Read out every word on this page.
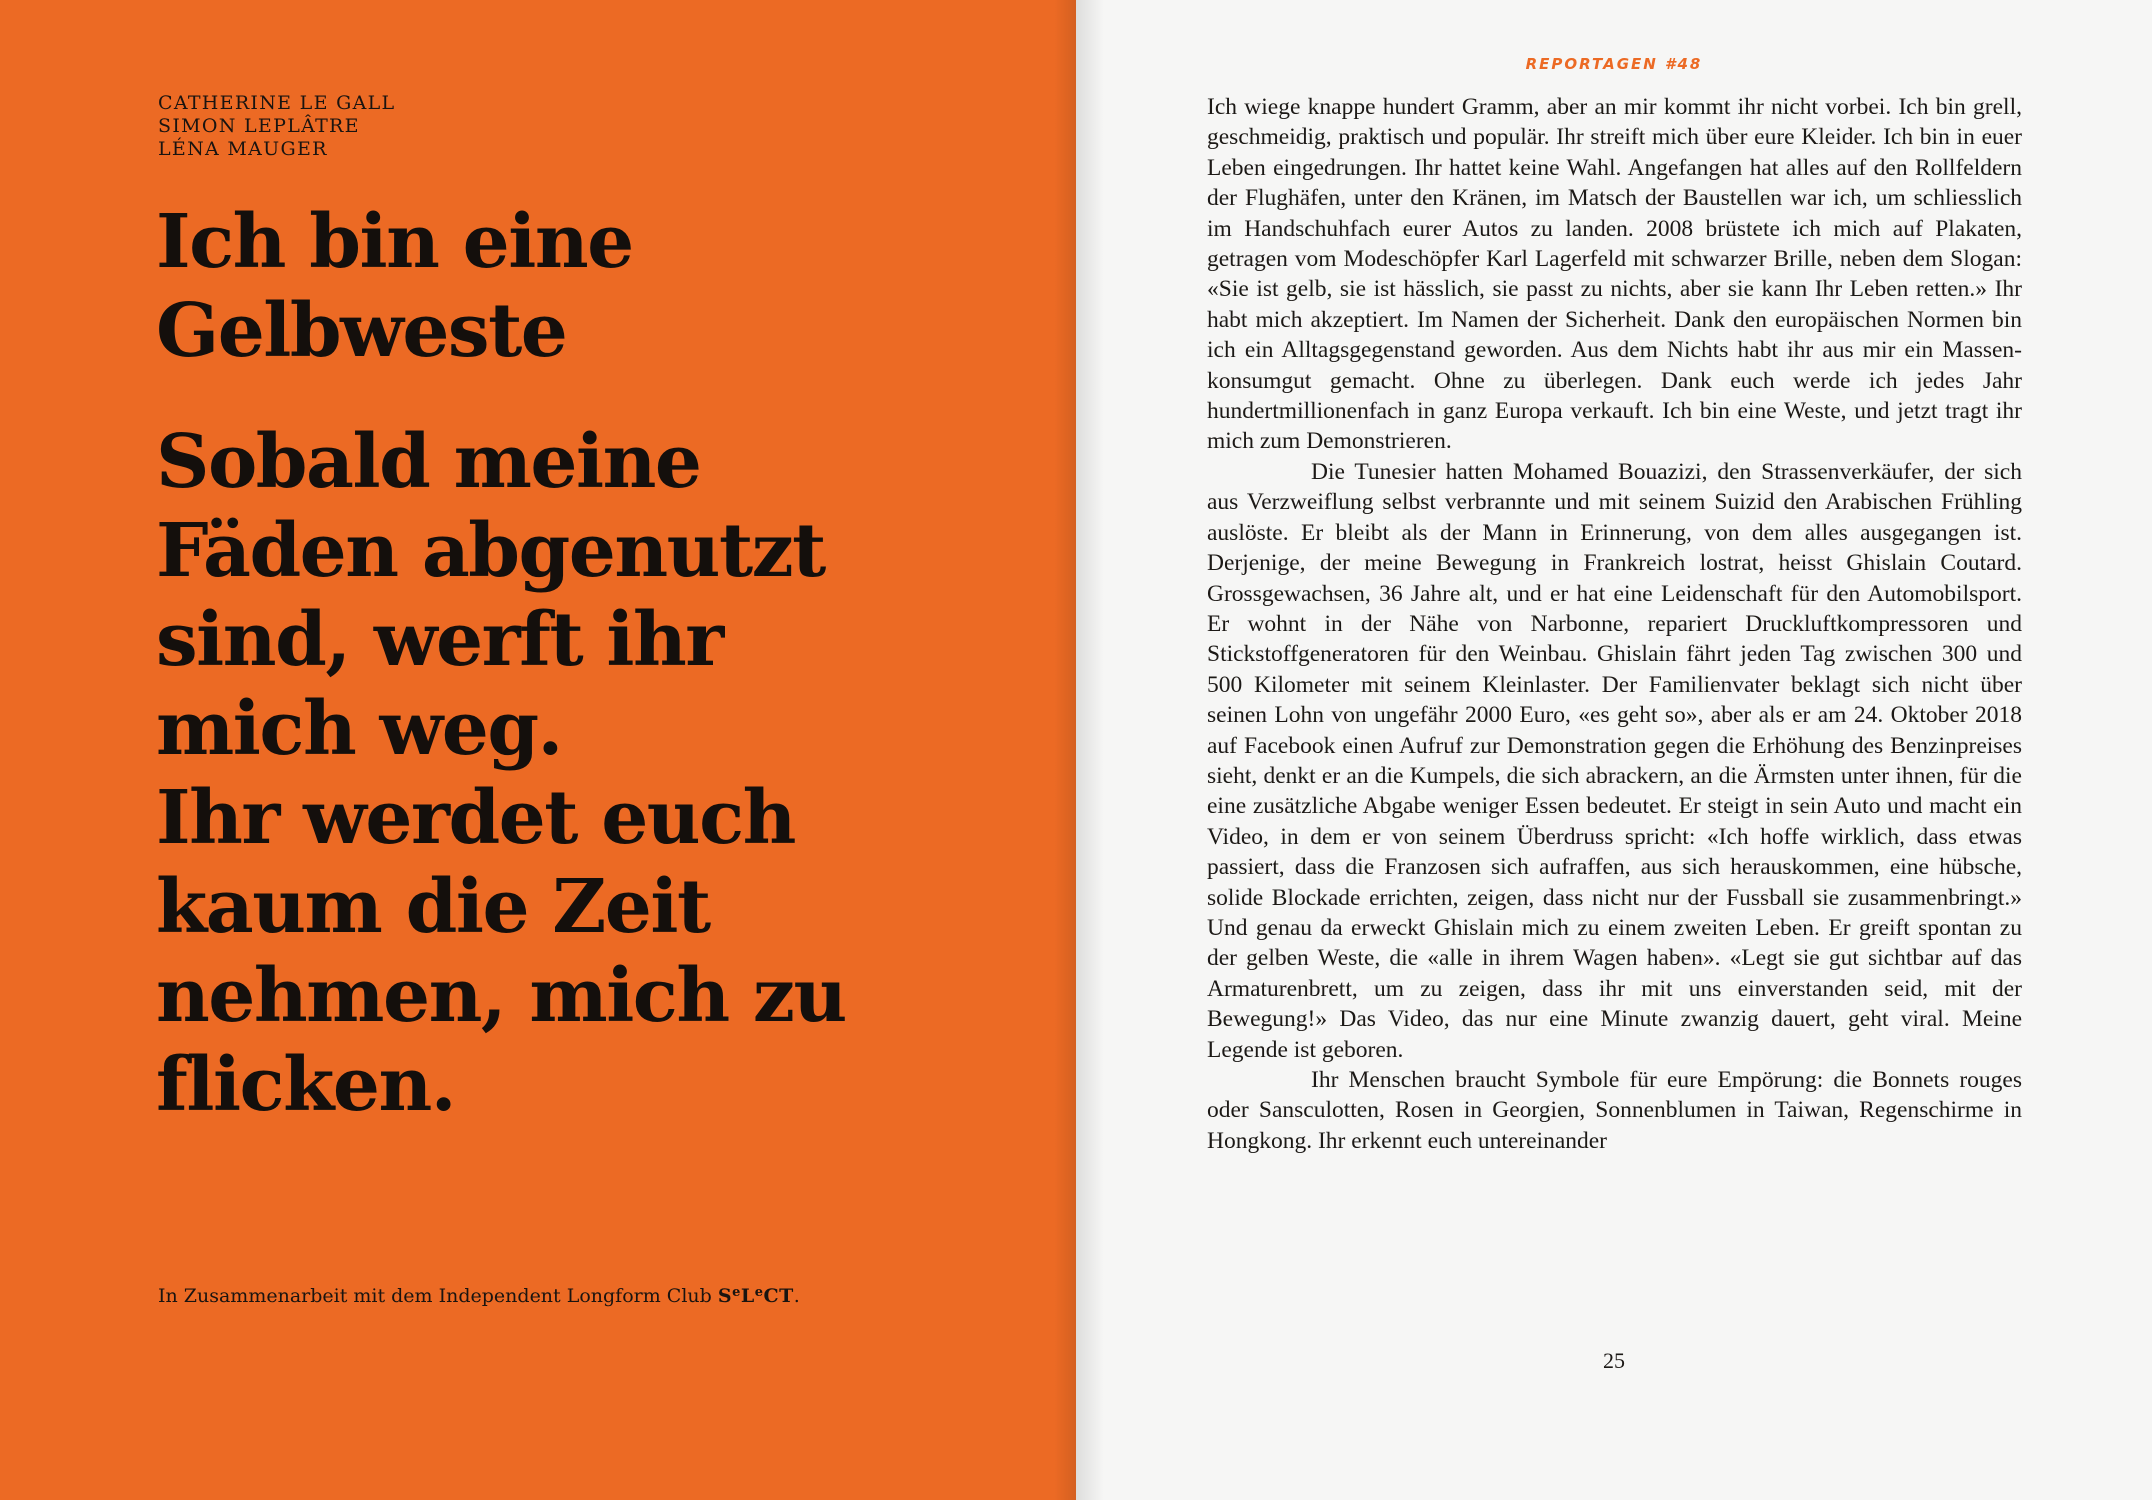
CATHERINE LE GALL
SIMON LEPLÂTRE
LÉNA MAUGER
Ich bin eine
Gelbweste
Sobald meine
Fäden abgenutzt
sind, werft ihr
mich weg.
Ihr werdet euch
kaum die Zeit
nehmen, mich zu
flicken.
In Zusammenarbeit mit dem Independent Longform Club $S^eLeCT$.
REPORTAGEN #48

Ich wiege knappe hundert Gramm, aber an mir kommt ihr nicht vorbei. Ich bin grell, geschmeidig, praktisch und populär. Ihr streift mich über eure Kleider. Ich bin in euer Leben eingedrungen. Ihr hattet keine Wahl. Angefangen hat alles auf den Rollfeldern der Flughäfen, unter den Kränen, im Matsch der Baustellen war ich, um schliesslich im Handschuhfach eurer Autos zu landen. 2008 brüstete ich mich auf Plakaten, getragen vom Modeschöpfer Karl Lagerfeld mit schwarzer Brille, neben dem Slogan: «Sie ist gelb, sie ist hässlich, sie passt zu nichts, aber sie kann Ihr Leben retten.» Ihr habt mich akzeptiert. Im Namen der Sicherheit. Dank den europäischen Normen bin ich ein Alltagsgegenstand geworden. Aus dem Nichts habt ihr aus mir ein Massenkonsumgut gemacht. Ohne zu überlegen. Dank euch werde ich jedes Jahr hundertmillionenfach in ganz Europa verkauft. Ich bin eine Weste, und jetzt tragt ihr mich zum Demonstrieren.

Die Tunesier hatten Mohamed Bouazizi, den Strassenverkäufer, der sich aus Verzweiflung selbst verbrannte und mit seinem Suizid den Arabischen Frühling auslöste. Er bleibt als der Mann in Erinnerung, von dem alles ausgegangen ist. Derjenige, der meine Bewegung in Frankreich lostrat, heisst Ghislain Coutard. Grossgewachsen, 36 Jahre alt, und er hat eine Leidenschaft für den Automobilsport. Er wohnt in der Nähe von Narbonne, repariert Druckluftkompressoren und Stickstoffgeneratoren für den Weinbau. Ghislain fährt jeden Tag zwischen 300 und 500 Kilometer mit seinem Kleinlaster. Der Familienvater beklagt sich nicht über seinen Lohn von ungefähr 2000 Euro, «es geht so», aber als er am 24. Oktober 2018 auf Facebook einen Aufruf zur Demonstration gegen die Erhöhung des Benzinpreises sieht, denkt er an die Kumpels, die sich abrackern, an die Ärmsten unter ihnen, für die eine zusätzliche Abgabe weniger Essen bedeutet. Er steigt in sein Auto und macht ein Video, in dem er von seinem Überdruss spricht: «Ich hoffe wirklich, dass etwas passiert, dass die Franzosen sich aufraffen, aus sich herauskommen, eine hübsche, solide Blockade errichten, zeigen, dass nicht nur der Fussball sie zusammenbringt.» Und genau da erweckt Ghislain mich zu einem zweiten Leben. Er greift spontan zu der gelben Weste, die «alle in ihrem Wagen haben». «Legt sie gut sichtbar auf das Armaturenbrett, um zu zeigen, dass ihr mit uns einverstanden seid, mit der Bewegung!» Das Video, das nur eine Minute zwanzig dauert, geht viral. Meine Legende ist geboren.

Ihr Menschen braucht Symbole für eure Empörung: die Bonnets rouges oder Sansculotten, Rosen in Georgien, Sonnenblumen in Taiwan, Regenschirme in Hongkong. Ihr erkennt euch untereinander

25
